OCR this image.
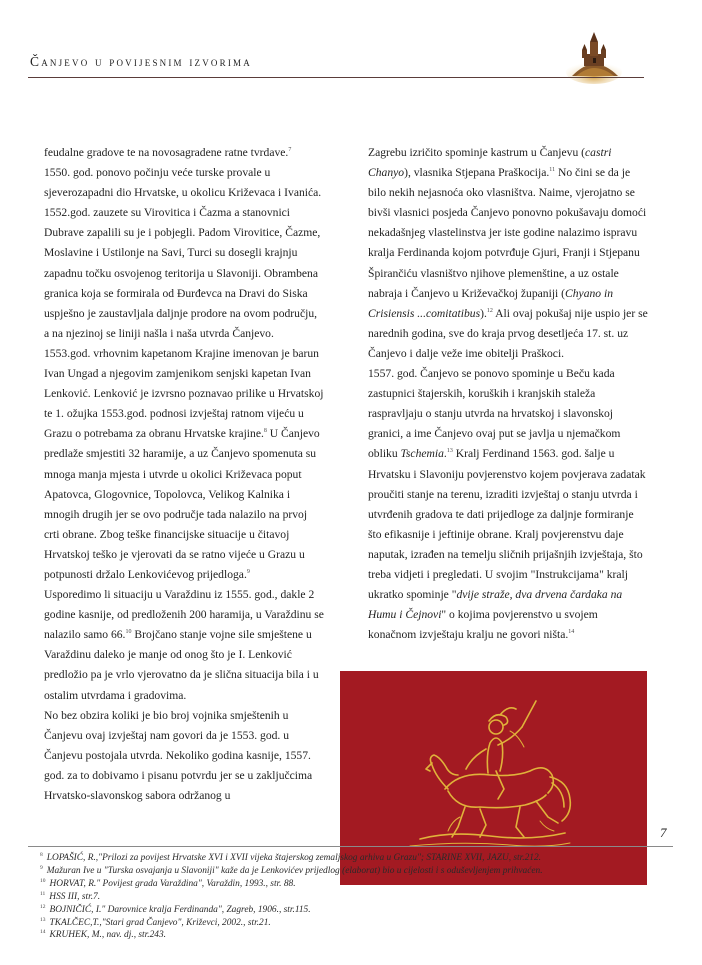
Čanjevo u povijesnim izvorima

feudalne gradove te na novosagradene ratne tvrdave.$^7$

1550. god. ponovo počinju veće turske provale u sjeverozapadni dio Hrvatske, u okolicu Križevaca i Ivanića. 1552.god. zauzete su Virovitica i Čazma a stanovnici Dubrave zapalili su je i pobjegli. Padom Virovitice, Čazme, Moslavine i Ustilonje na Savi, Turci su dosegli krajnju zapadnu točku osvojenog teritorija u Slavoniji. Obrambena granica koja se formirala od Đurđevca na Dravi do Siska uspješno je zaustavljala daljnje prodore na ovom području, a na njezinoj se liniji našla i naša utvrda Čanjevo.

1553.god. vrhovnim kapetanom Krajine imenovan je barun Ivan Ungad a njegovim zamjenikom senjski kapetan Ivan Lenković. Lenković je izvrsno poznavao prilike u Hrvatskoj te 1. ožujka 1553.god. podnosi izvještaj ratnom vijeću u Grazu o potrebama za obranu Hrvatske krajine.$^8$ U Čanjevo predlaže smjestiti 32 haramije, a uz Čanjevo spomenuta su mnoga manja mjesta i utvrde u okolici Križevaca poput Apatovca, Glogovnice, Topolovca, Velikog Kalnika i mnogih drugih jer se ovo područje tada nalazilo na prvoj crti obrane. Zbog teške financijske situacije u čitavoj Hrvatskoj teško je vjerovati da se ratno vijeće u Grazu u potpunosti držalo Lenkovićevog prijedloga.$^9$

Usporedimo li situaciju u Varaždinu iz 1555. god., dakle 2 godine kasnije, od predloženih 200 haramija, u Varaždinu se nalazilo samo 66.10 Brojčano stanje vojne sile smještene u Varaždinu daleko je manje od onog što je I. Lenković predložio pa je vrlo vjerovatno da je slična situacija bila i u ostalim utvrdama i gradovima.

No bez obzira koliki je bio broj vojnika smještenih u Čanjevu ovaj izvještaj nam govori da je 1553. god. u Čanjevu postojala utvrda. Nekoliko godina kasnije, 1557. god. za to dobivamo i pisanu potvrdu jer se u zaključcima Hrvatsko-slavonskog sabora održanog u

Zagrebu izričito spominje kastrum u Čanjevu (castri Chanyo), vlasnika Stjepana Praškocija.$^{11}$ No čini se da je bilo nekih nejasnoća oko vlasništva. Naime, vjerojatno se bivši vlasnici posjeda Čanjevo ponovno pokušavaju domoći nekadašnjeg vlastelinstva jer iste godine nalazimo ispravu kralja Ferdinanda kojom potvrđuje Gjuri, Franji i Stjepanu Špirančiću vlasništvo njihove plemenštine, a uz ostale nabraja i Čanjevo u Križevačkoj županiji (Chyano in Crisiensis ...comitatibus).$^{12}$ Ali ovaj pokušaj nije uspio jer se narednih godina, sve do kraja prvog desetljeća 17. st. uz Čanjevo i dalje veže ime obitelji Praškoci.

1557. god. Čanjevo se ponovo spominje u Beču kada zastupnici štajerskih, koruških i kranjskih staleža raspravljaju o stanju utvrda na hrvatskoj i slavonskoj granici, a ime Čanjevo ovaj put se javlja u njemačkom obliku Tschemia.$^{13}$ Kralj Ferdinand 1563. god. šalje u Hrvatsku i Slavoniju povjerenstvo kojem povjerava zadatak proučiti stanje na terenu, izraditi izvještaj o stanju utvrda i utvrđenih gradova te dati prijedloge za daljnje formiranje što efikasnije i jeftinije obrane. Kralj povjerenstvu daje naputak, izrađen na temelju sličnih prijašnjih izvještaja, što treba vidjeti i pregledati. U svojim "Instrukcijama" kralj ukratko spominje "dvije straže, dva drvena čardaka na Humu i Čejnovi" o kojima povjerenstvo u svojem konačnom izvještaju kralju ne govori ništa.$^{14}$

7
$^8$ LOPAŠIĆ, R.,"Prilozi za povijest Hrvatske XVI i XVII vijeka štajerskog zemaljskog arhiva u Grazu"; STARINE XVII, JAZU, str.212.
$^9$ Mažuran Ive u "Turska osvajanja u Slavoniji" kaže da je Lenkovićev prijedlog (elaborat) bio u cijelosti i s oduševljenjem prihvaćen.
$^{10}$ HORVAT, R." Povijest grada Varaždina", Varaždin, 1993., str. 88.
$^{11}$ HSS III, str.7.
$^{12}$ BOJNIČIĆ, I." Darovnice kralja Ferdinanda", Zagreb, 1906., str.115.
$^{13}$ TKALČEC,T.,"Stari grad Čanjevo", Križevci, 2002., str.21.
$^{14}$ KRUHEK, M., nav. dj., str.243.
